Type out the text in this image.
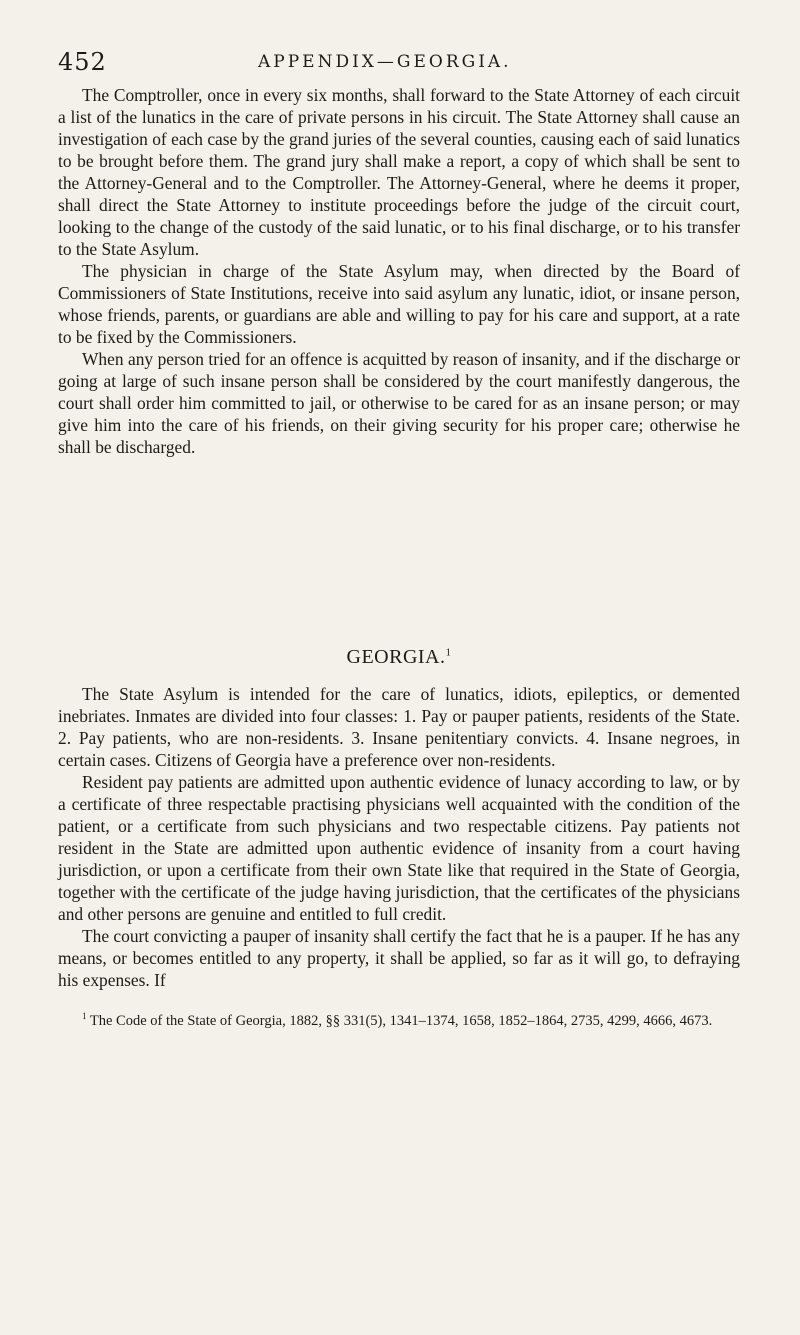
452	APPENDIX—GEORGIA.

The Comptroller, once in every six months, shall forward to the State Attorney of each circuit a list of the lunatics in the care of private persons in his circuit. The State Attorney shall cause an investigation of each case by the grand juries of the several counties, causing each of said lunatics to be brought before them. The grand jury shall make a report, a copy of which shall be sent to the Attorney-General and to the Comptroller. The Attorney-General, where he deems it proper, shall direct the State Attorney to institute proceedings before the judge of the circuit court, looking to the change of the custody of the said lunatic, or to his final discharge, or to his transfer to the State Asylum.

The physician in charge of the State Asylum may, when directed by the Board of Commissioners of State Institutions, receive into said asylum any lunatic, idiot, or insane person, whose friends, parents, or guardians are able and willing to pay for his care and support, at a rate to be fixed by the Commissioners.

When any person tried for an offence is acquitted by reason of insanity, and if the discharge or going at large of such insane person shall be considered by the court manifestly dangerous, the court shall order him committed to jail, or otherwise to be cared for as an insane person; or may give him into the care of his friends, on their giving security for his proper care; otherwise he shall be discharged.

GEORGIA.$^1$

The State Asylum is intended for the care of lunatics, idiots, epileptics, or demented inebriates. Inmates are divided into four classes: 1. Pay or pauper patients, residents of the State. 2. Pay patients, who are non-residents. 3. Insane penitentiary convicts. 4. Insane negroes, in certain cases. Citizens of Georgia have a preference over non-residents.

Resident pay patients are admitted upon authentic evidence of lunacy according to law, or by a certificate of three respectable practising physicians well acquainted with the condition of the patient, or a certificate from such physicians and two respectable citizens. Pay patients not resident in the State are admitted upon authentic evidence of insanity from a court having jurisdiction, or upon a certificate from their own State like that required in the State of Georgia, together with the certificate of the judge having jurisdiction, that the certificates of the physicians and other persons are genuine and entitled to full credit.

The court convicting a pauper of insanity shall certify the fact that he is a pauper. If he has any means, or becomes entitled to any property, it shall be applied, so far as it will go, to defraying his expenses. If

$^1$ The Code of the State of Georgia, 1882, §§ 331(5), 1341–1374, 1658, 1852–1864, 2735, 4299, 4666, 4673.
